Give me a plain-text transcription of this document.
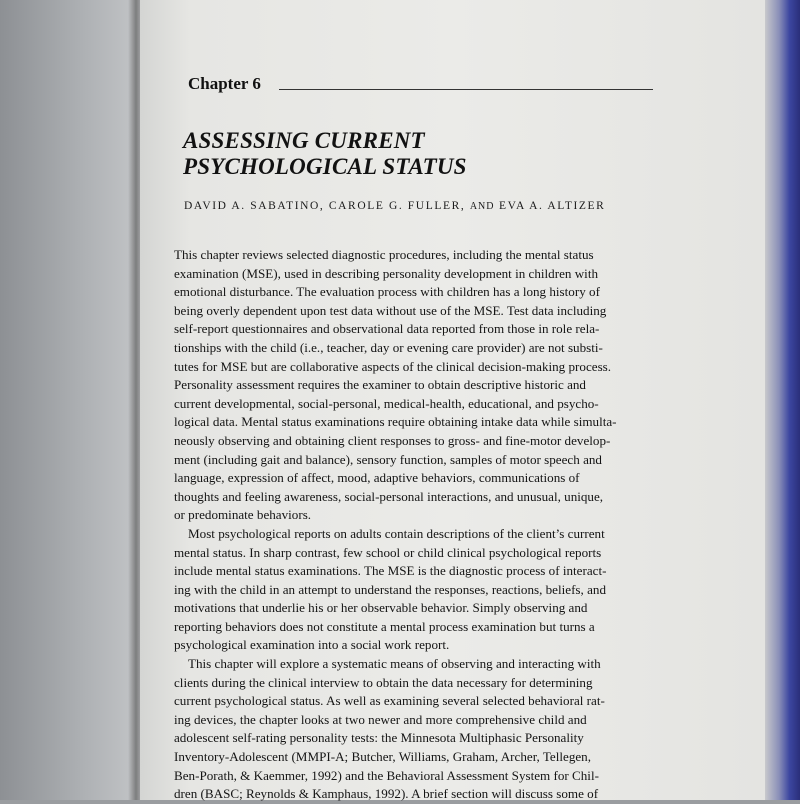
Chapter 6
ASSESSING CURRENT
PSYCHOLOGICAL STATUS
DAVID A. SABATINO, CAROLE G. FULLER, AND EVA A. ALTIZER
This chapter reviews selected diagnostic procedures, including the mental status
examination (MSE), used in describing personality development in children with
emotional disturbance. The evaluation process with children has a long history of
being overly dependent upon test data without use of the MSE. Test data including
self-report questionnaires and observational data reported from those in role rela-
tionships with the child (i.e., teacher, day or evening care provider) are not substi-
tutes for MSE but are collaborative aspects of the clinical decision-making process.
Personality assessment requires the examiner to obtain descriptive historic and
current developmental, social-personal, medical-health, educational, and psycho-
logical data. Mental status examinations require obtaining intake data while simulta-
neously observing and obtaining client responses to gross- and fine-motor develop-
ment (including gait and balance), sensory function, samples of motor speech and
language, expression of affect, mood, adaptive behaviors, communications of
thoughts and feeling awareness, social-personal interactions, and unusual, unique,
or predominate behaviors.
Most psychological reports on adults contain descriptions of the client’s current
mental status. In sharp contrast, few school or child clinical psychological reports
include mental status examinations. The MSE is the diagnostic process of interact-
ing with the child in an attempt to understand the responses, reactions, beliefs, and
motivations that underlie his or her observable behavior. Simply observing and
reporting behaviors does not constitute a mental process examination but turns a
psychological examination into a social work report.
This chapter will explore a systematic means of observing and interacting with
clients during the clinical interview to obtain the data necessary for determining
current psychological status. As well as examining several selected behavioral rat-
ing devices, the chapter looks at two newer and more comprehensive child and
adolescent self-rating personality tests: the Minnesota Multiphasic Personality
Inventory-Adolescent (MMPI-A; Butcher, Williams, Graham, Archer, Tellegen,
Ben-Porath, & Kaemmer, 1992) and the Behavioral Assessment System for Chil-
dren (BASC; Reynolds & Kamphaus, 1992). A brief section will discuss some of
